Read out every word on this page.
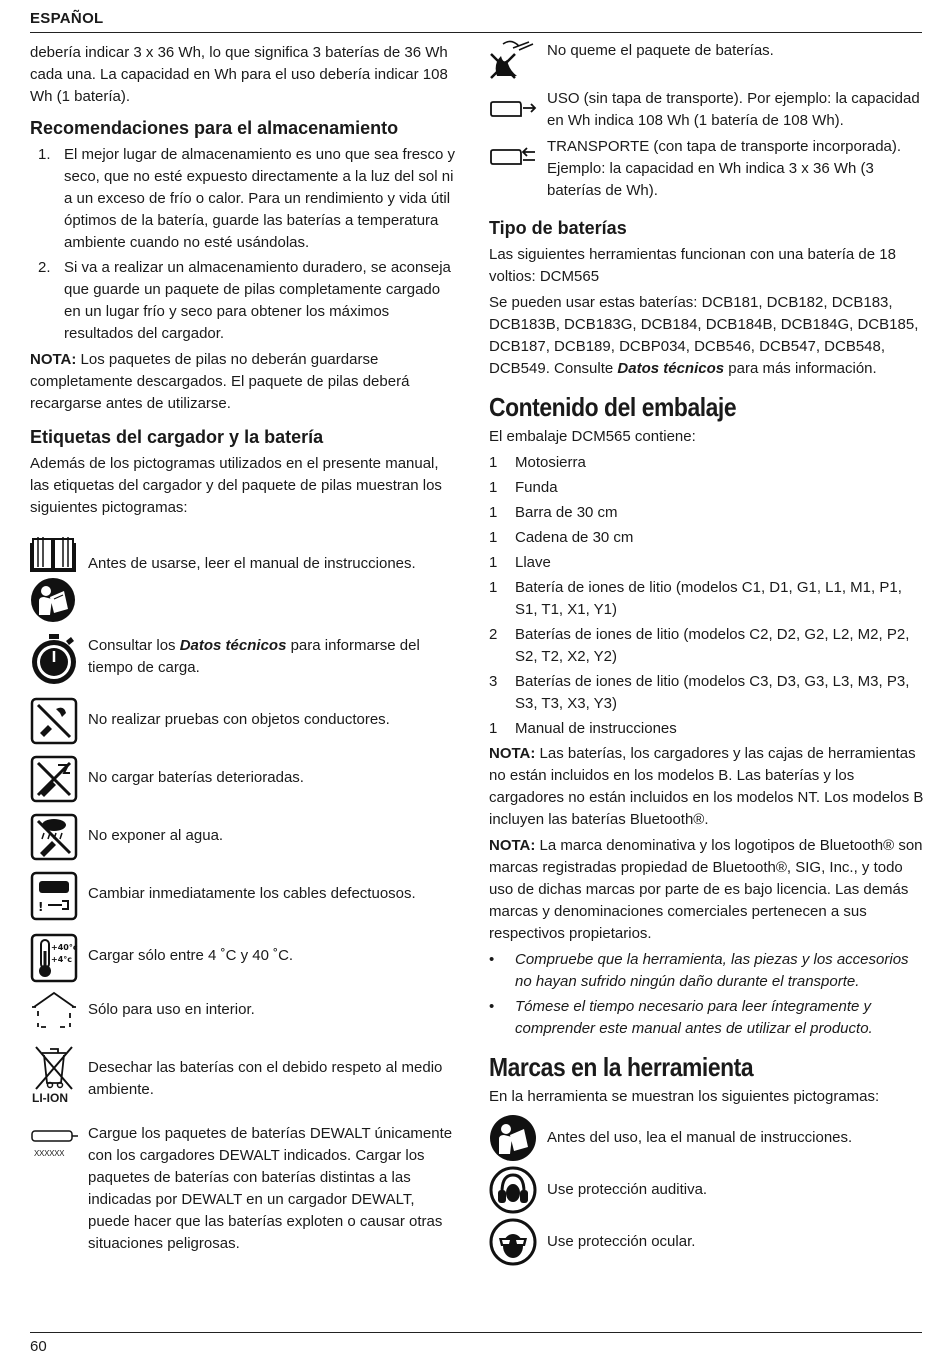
ESPAÑOL

debería indicar 3 x 36 Wh, lo que significa 3 baterías de 36 Wh cada una. La capacidad en Wh para el uso debería indicar 108 Wh (1 batería).

Recomendaciones para el almacenamiento
1. El mejor lugar de almacenamiento es uno que sea fresco y seco, que no esté expuesto directamente a la luz del sol ni a un exceso de frío o calor. Para un rendimiento y vida útil óptimos de la batería, guarde las baterías a temperatura ambiente cuando no esté usándolas.
2. Si va a realizar un almacenamiento duradero, se aconseja que guarde un paquete de pilas completamente cargado en un lugar frío y seco para obtener los máximos resultados del cargador.

NOTA: Los paquetes de pilas no deberán guardarse completamente descargados. El paquete de pilas deberá recargarse antes de utilizarse.

Etiquetas del cargador y la batería

Además de los pictogramas utilizados en el presente manual, las etiquetas del cargador y del paquete de pilas muestran los siguientes pictogramas:

Antes de usarse, leer el manual de instrucciones.
Consultar los Datos técnicos para informarse del tiempo de carga.
No realizar pruebas con objetos conductores.
No cargar baterías deterioradas.
No exponer al agua.
!
Cambiar inmediatamente los cables defectuosos.
+40°c
+4°c Cargar sólo entre 4 ˚C y 40 ˚C.
Sólo para uso en interior.
LI-ION
Desechar las baterías con el debido respeto al medio ambiente.
XXXXXX
Cargue los paquetes de baterías DEWALT únicamente con los cargadores DEWALT indicados. Cargar los paquetes de baterías con baterías distintas a las indicadas por DEWALT en un cargador DEWALT, puede hacer que las baterías exploten o causar otras situaciones peligrosas.
No queme el paquete de baterías.
USO (sin tapa de transporte). Por ejemplo: la capacidad en Wh indica 108 Wh (1 batería de 108 Wh).
TRANSPORTE (con tapa de transporte incorporada). Ejemplo: la capacidad en Wh indica 3 x 36 Wh (3 baterías de Wh).
Tipo de baterías

Las siguientes herramientas funcionan con una batería de 18 voltios: DCM565

Se pueden usar estas baterías: DCB181, DCB182, DCB183, DCB183B, DCB183G, DCB184, DCB184B, DCB184G, DCB185, DCB187, DCB189, DCBP034, DCB546, DCB547, DCB548, DCB549. Consulte Datos técnicos para más información.

Contenido del embalaje

El embalaje DCM565 contiene:

1	Motosierra
1	Funda
1	Barra de 30 cm
1	Cadena de 30 cm
1	Llave
1	Batería de iones de litio (modelos C1, D1, G1, L1, M1, P1, S1, T1, X1, Y1)
2	Baterías de iones de litio (modelos C2, D2, G2, L2, M2, P2, S2, T2, X2, Y2)
3	Baterías de iones de litio (modelos C3, D3, G3, L3, M3, P3, S3, T3, X3, Y3)
1	Manual de instrucciones

NOTA: Las baterías, los cargadores y las cajas de herramientas no están incluidos en los modelos B. Las baterías y los cargadores no están incluidos en los modelos NT. Los modelos B incluyen las baterías Bluetooth®.

NOTA: La marca denominativa y los logotipos de Bluetooth® son marcas registradas propiedad de Bluetooth®, SIG, Inc., y todo uso de dichas marcas por parte de es bajo licencia. Las demás marcas y denominaciones comerciales pertenecen a sus respectivos propietarios.

•	Compruebe que la herramienta, las piezas y los accesorios no hayan sufrido ningún daño durante el transporte.
•	Tómese el tiempo necesario para leer íntegramente y comprender este manual antes de utilizar el producto.
Marcas en la herramienta

En la herramienta se muestran los siguientes pictogramas:

Antes del uso, lea el manual de instrucciones.
Use protección auditiva.
Use protección ocular.
60
